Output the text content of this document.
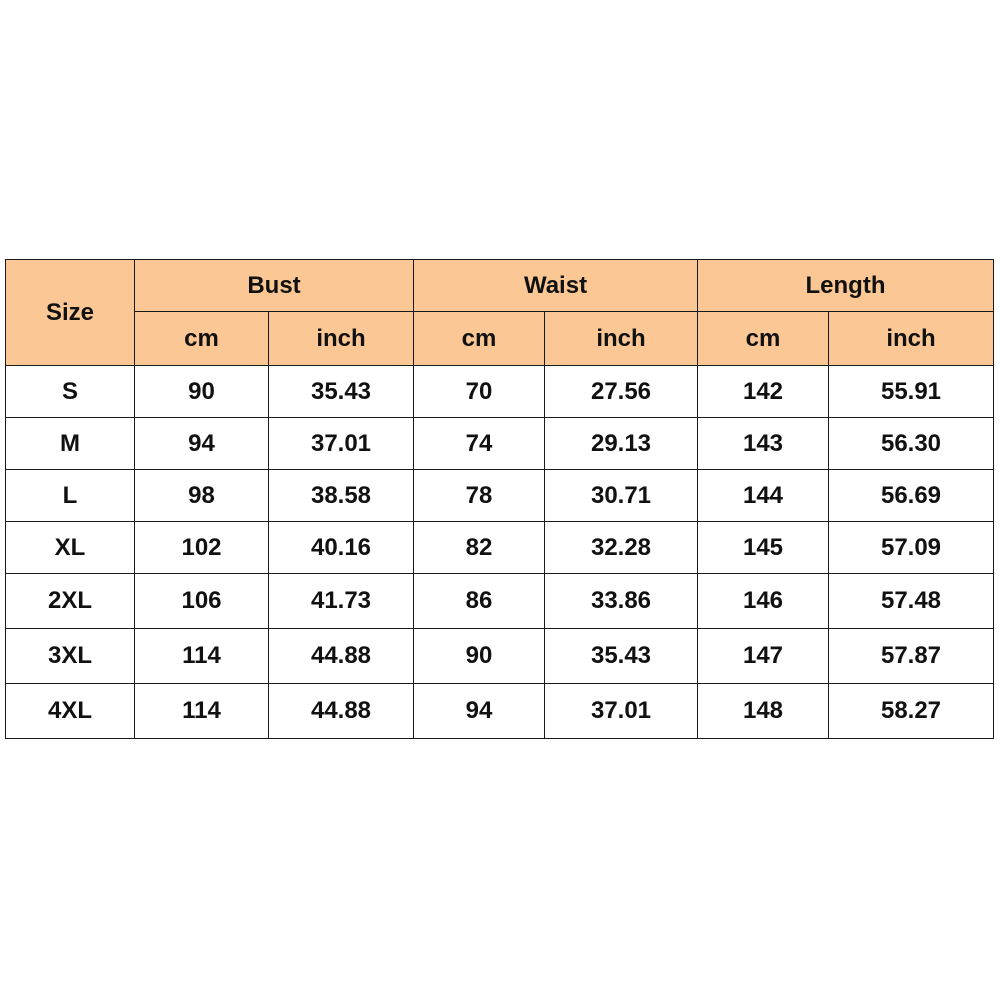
Size	Bust		Waist		Length	
	cm	inch	cm	inch	cm	inch
S	90	35.43	70	27.56	142	55.91
M	94	37.01	74	29.13	143	56.30
L	98	38.58	78	30.71	144	56.69
XL	102	40.16	82	32.28	145	57.09
2XL	106	41.73	86	33.86	146	57.48
3XL	114	44.88	90	35.43	147	57.87
4XL	114	44.88	94	37.01	148	58.27
